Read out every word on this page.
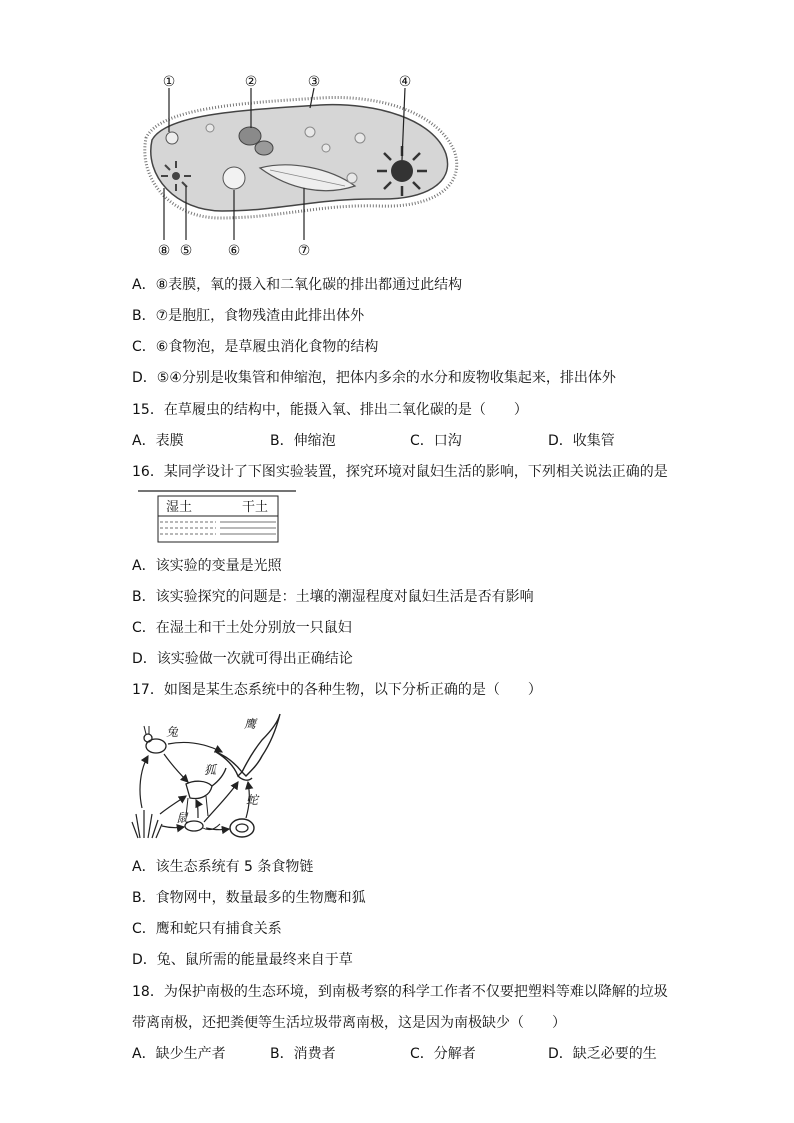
①	②	③	④
⑧ ⑤	⑥	⑦
A．⑧表膜，氧的摄入和二氧化碳的排出都通过此结构
B．⑦是胞肛，食物残渣由此排出体外
C．⑥食物泡，是草履虫消化食物的结构
D．⑤④分别是收集管和伸缩泡，把体内多余的水分和废物收集起来，排出体外
15．在草履虫的结构中，能摄入氧、排出二氧化碳的是（　　）
A．表膜	B．伸缩泡	C．口沟	D．收集管
16．某同学设计了下图实验装置，探究环境对鼠妇生活的影响，下列相关说法正确的是
湿土	干土
A．该实验的变量是光照
B．该实验探究的问题是：土壤的潮湿程度对鼠妇生活是否有影响
C．在湿土和干土处分别放一只鼠妇
D．该实验做一次就可得出正确结论
17．如图是某生态系统中的各种生物，以下分析正确的是（　　）
兔
鹰
狐
蛇
鼠
A．该生态系统有 5 条食物链
B．食物网中，数量最多的生物鹰和狐
C．鹰和蛇只有捕食关系
D．兔、鼠所需的能量最终来自于草
18．为保护南极的生态环境，到南极考察的科学工作者不仅要把塑料等难以降解的垃圾
带离南极，还把粪便等生活垃圾带离南极，这是因为南极缺少（　　）
A．缺少生产者	B．消费者	C．分解者	D．缺乏必要的生
